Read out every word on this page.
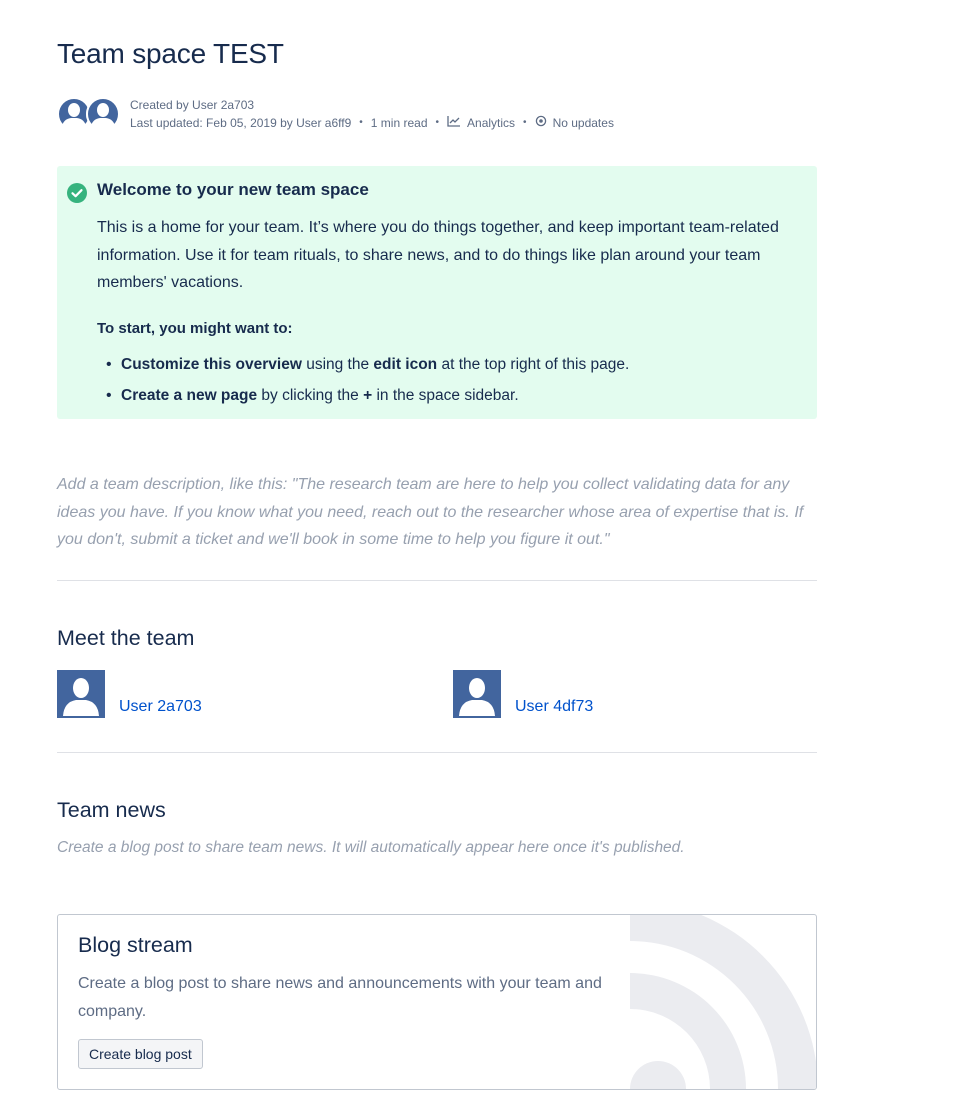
Team space TEST
Created by User 2a703
Last updated: Feb 05, 2019 by User a6ff9 • 1 min read • Analytics • No updates
Welcome to your new team space
This is a home for your team. It’s where you do things together, and keep important team-related information. Use it for team rituals, to share news, and to do things like plan around your team members' vacations.
To start, you might want to:
• Customize this overview using the edit icon at the top right of this page.
• Create a new page by clicking the + in the space sidebar.
Add a team description, like this: "The research team are here to help you collect validating data for any ideas you have. If you know what you need, reach out to the researcher whose area of expertise that is. If you don't, submit a ticket and we'll book in some time to help you figure it out."
Meet the team
User 2a703	User 4df73
Team news
Create a blog post to share team news. It will automatically appear here once it's published.
Blog stream
Create a blog post to share news and announcements with your team and company.
Create blog post
